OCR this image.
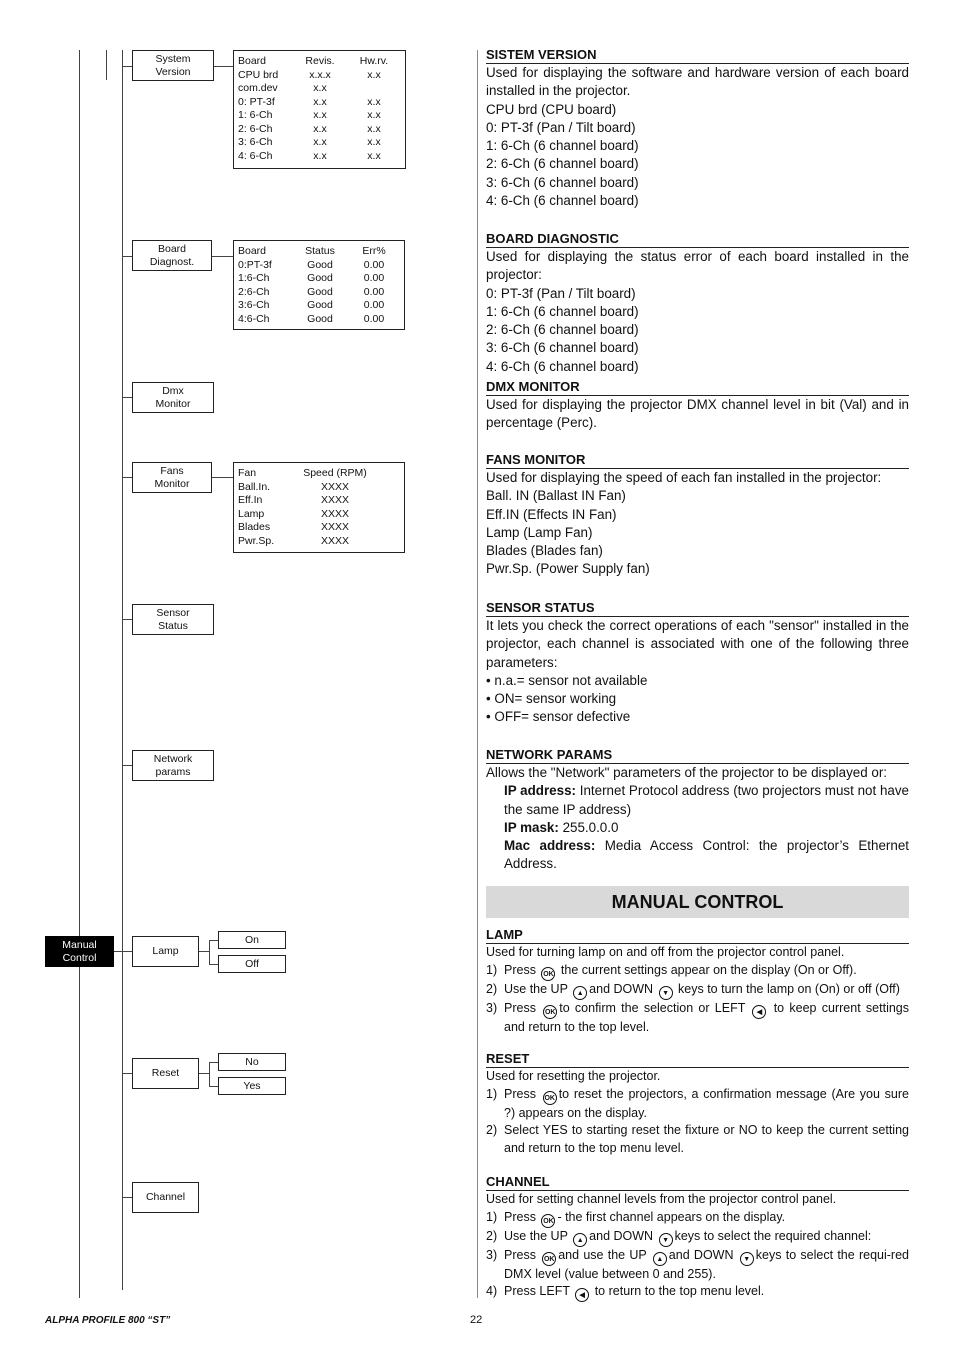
System
Version
Board	Revis.	Hw.rv.
CPU brd	x.x.x	x.x
com.dev	x.x	
0: PT-3f	x.x	x.x
1: 6-Ch	x.x	x.x
2: 6-Ch	x.x	x.x
3: 6-Ch	x.x	x.x
4: 6-Ch	x.x	x.x
Board
Diagnost.
Board	Status	Err%
0:PT-3f	Good	0.00
1:6-Ch	Good	0.00
2:6-Ch	Good	0.00
3:6-Ch	Good	0.00
4:6-Ch	Good	0.00
Dmx
Monitor
Fans
Monitor
Fan	Speed (RPM)
Ball.In.	XXXX
Eff.In	XXXX
Lamp	XXXX
Blades	XXXX
Pwr.Sp.	XXXX
Sensor
Status
Network
params
Manual
Control
Lamp
On
Off
Reset
No
Yes
Channel
SISTEM VERSION
Used for displaying the software and hardware version of each board installed in the projector.
CPU brd (CPU board)
0: PT-3f (Pan / Tilt board)
1: 6-Ch (6 channel board)
2: 6-Ch (6 channel board)
3: 6-Ch (6 channel board)
4: 6-Ch (6 channel board)
BOARD DIAGNOSTIC
Used for displaying the status error of each board installed in the projector:
0: PT-3f (Pan / Tilt board)
1: 6-Ch (6 channel board)
2: 6-Ch (6 channel board)
3: 6-Ch (6 channel board)
4: 6-Ch (6 channel board)
DMX MONITOR
Used for displaying the projector DMX channel level in bit (Val) and in percentage (Perc).
FANS MONITOR
Used for displaying the speed of each fan installed in the projector:
Ball. IN (Ballast IN Fan)
Eff.IN (Effects IN Fan)
Lamp (Lamp Fan)
Blades (Blades fan)
Pwr.Sp. (Power Supply fan)
SENSOR STATUS
It lets you check the correct operations of each "sensor" installed in the projector, each channel is associated with one of the following three parameters:
• n.a.= sensor not available
• ON= sensor working
• OFF= sensor defective
NETWORK PARAMS
Allows the "Network" parameters of the projector to be displayed or:
IP address: Internet Protocol address (two projectors must not have the same IP address)
IP mask: 255.0.0.0
Mac address: Media Access Control: the projector’s Ethernet Address.
MANUAL CONTROL
LAMP
Used for turning lamp on and off from the projector control panel.
1) Press OK the current settings appear on the display (On or Off).
2) Use the UP ▲ and DOWN ▼ keys to turn the lamp on (On) or off (Off)
3) Press OK to confirm the selection or LEFT ◀ to keep current settings and return to the top level.
RESET
Used for resetting the projector.
1) Press OK to reset the projectors, a confirmation message (Are you sure ?) appears on the display.
2) Select YES to starting reset the fixture or NO to keep the current setting and return to the top menu level.
CHANNEL
Used for setting channel levels from the projector control panel.
1) Press OK - the first channel appears on the display.
2) Use the UP ▲ and DOWN ▼ keys to select the required channel:
3) Press OK and use the UP ▲ and DOWN ▼ keys to select the requi-red DMX level (value between 0 and 255).
4) Press LEFT ◀ to return to the top menu level.
ALPHA PROFILE 800 “ST”	22
